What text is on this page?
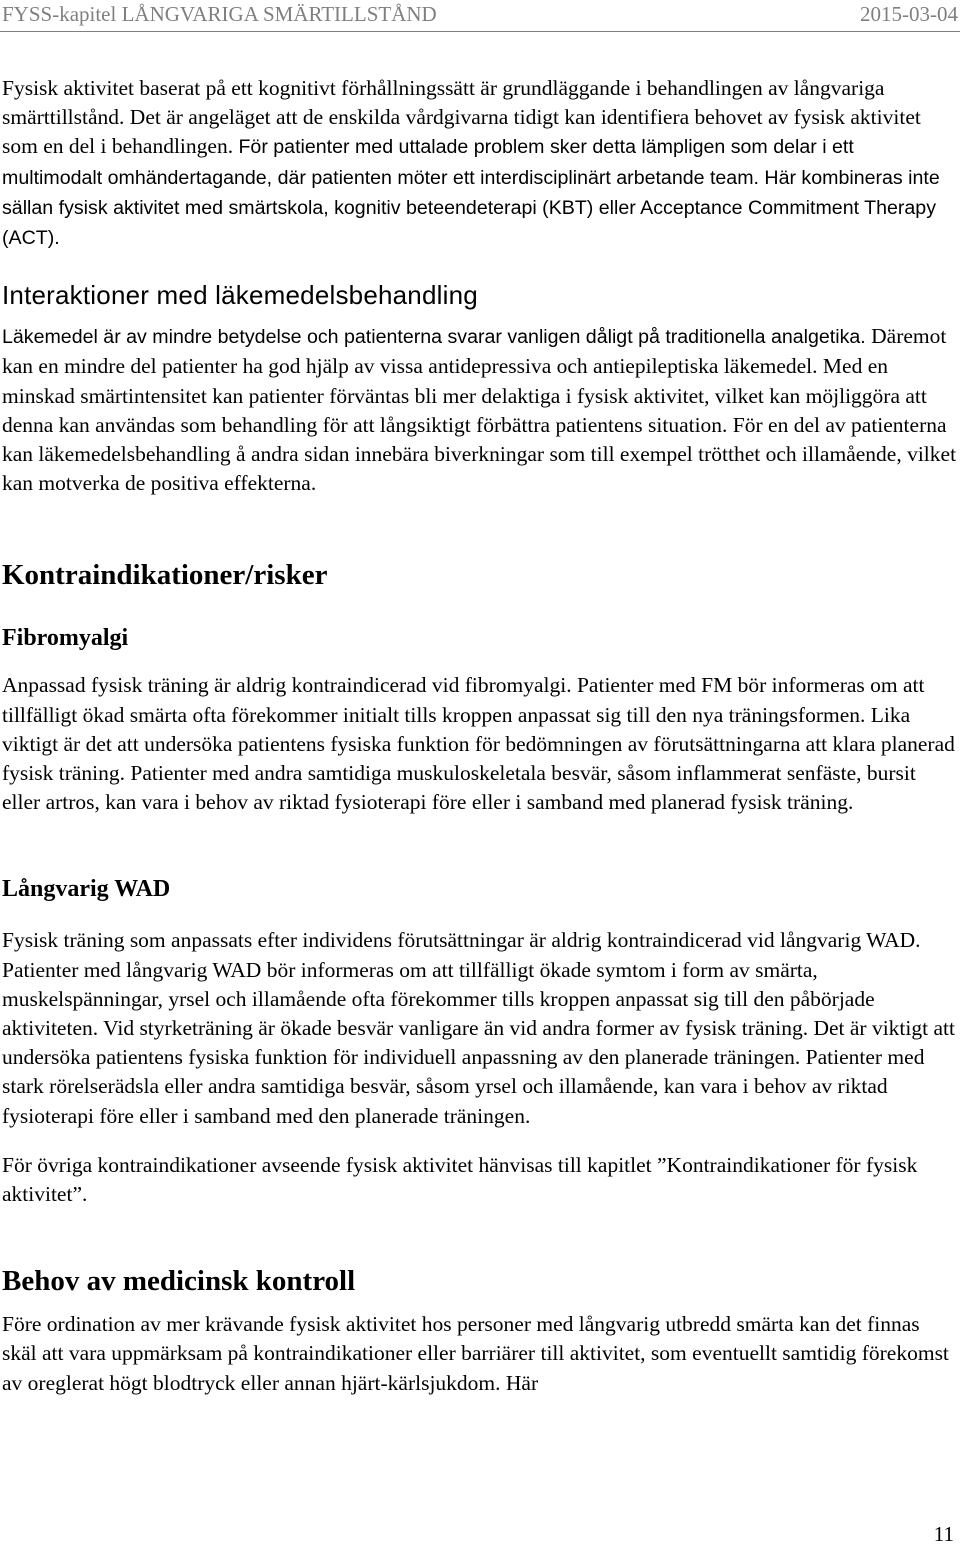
FYSS-kapitel LÅNGVARIGA SMÄRTILLSTÅND	2015-03-04

Fysisk aktivitet baserat på ett kognitivt förhållningssätt är grundläggande i behandlingen av långvariga smärttillstånd. Det är angeläget att de enskilda vårdgivarna tidigt kan identifiera behovet av fysisk aktivitet som en del i behandlingen. För patienter med uttalade problem sker detta lämpligen som delar i ett multimodalt omhändertagande, där patienten möter ett interdisciplinärt arbetande team. Här kombineras inte sällan fysisk aktivitet med smärtskola, kognitiv beteendeterapi (KBT) eller Acceptance Commitment Therapy (ACT).

Interaktioner med läkemedelsbehandling

Läkemedel är av mindre betydelse och patienterna svarar vanligen dåligt på traditionella analgetika. Däremot kan en mindre del patienter ha god hjälp av vissa antidepressiva och antiepileptiska läkemedel. Med en minskad smärtintensitet kan patienter förväntas bli mer delaktiga i fysisk aktivitet, vilket kan möjliggöra att denna kan användas som behandling för att långsiktigt förbättra patientens situation. För en del av patienterna kan läkemedelsbehandling å andra sidan innebära biverkningar som till exempel trötthet och illamående, vilket kan motverka de positiva effekterna.

Kontraindikationer/risker
Fibromyalgi

Anpassad fysisk träning är aldrig kontraindicerad vid fibromyalgi. Patienter med FM bör informeras om att tillfälligt ökad smärta ofta förekommer initialt tills kroppen anpassat sig till den nya träningsformen. Lika viktigt är det att undersöka patientens fysiska funktion för bedömningen av förutsättningarna att klara planerad fysisk träning. Patienter med andra samtidiga muskuloskeletala besvär, såsom inflammerat senfäste, bursit eller artros, kan vara i behov av riktad fysioterapi före eller i samband med planerad fysisk träning.

Långvarig WAD

Fysisk träning som anpassats efter individens förutsättningar är aldrig kontraindicerad vid långvarig WAD. Patienter med långvarig WAD bör informeras om att tillfälligt ökade symtom i form av smärta, muskelspänningar, yrsel och illamående ofta förekommer tills kroppen anpassat sig till den påbörjade aktiviteten. Vid styrketräning är ökade besvär vanligare än vid andra former av fysisk träning. Det är viktigt att undersöka patientens fysiska funktion för individuell anpassning av den planerade träningen. Patienter med stark rörelserädsla eller andra samtidiga besvär, såsom yrsel och illamående, kan vara i behov av riktad fysioterapi före eller i samband med den planerade träningen.

För övriga kontraindikationer avseende fysisk aktivitet hänvisas till kapitlet ”Kontraindikationer för fysisk aktivitet”.

Behov av medicinsk kontroll

Före ordination av mer krävande fysisk aktivitet hos personer med långvarig utbredd smärta kan det finnas skäl att vara uppmärksam på kontraindikationer eller barriärer till aktivitet, som eventuellt samtidig förekomst av oreglerat högt blodtryck eller annan hjärt-kärlsjukdom. Här

11
